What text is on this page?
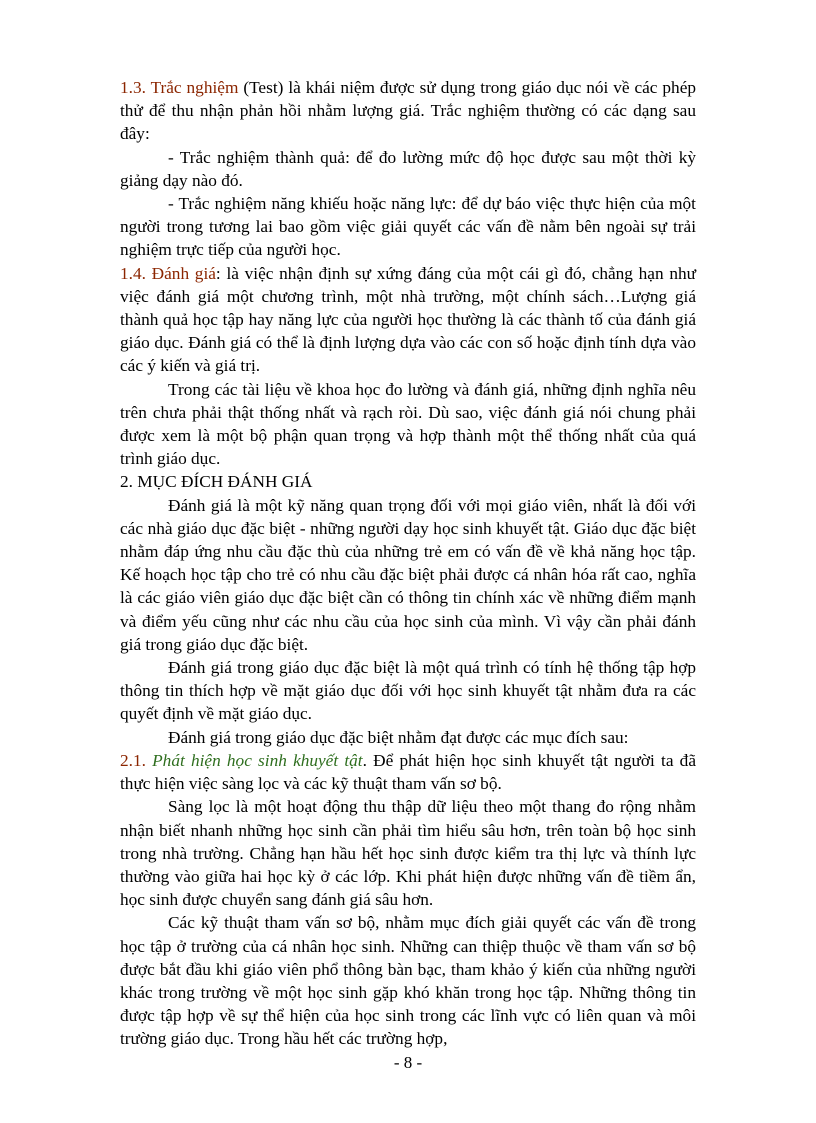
1.3. Trắc nghiệm (Test) là khái niệm được sử dụng trong giáo dục nói về các phép thử để thu nhận phản hồi nhằm lượng giá. Trắc nghiệm thường có các dạng sau đây:

- Trắc nghiệm thành quả: để đo lường mức độ học được sau một thời kỳ giảng dạy nào đó.

- Trắc nghiệm năng khiếu hoặc năng lực: để dự báo việc thực hiện của một người trong tương lai bao gồm việc giải quyết các vấn đề nằm bên ngoài sự trải nghiệm trực tiếp của người học.

1.4. Đánh giá: là việc nhận định sự xứng đáng của một cái gì đó, chẳng hạn như việc đánh giá một chương trình, một nhà trường, một chính sách…Lượng giá thành quả học tập hay năng lực của người học thường là các thành tố của đánh giá giáo dục. Đánh giá có thể là định lượng dựa vào các con số hoặc định tính dựa vào các ý kiến và giá trị.

Trong các tài liệu về khoa học đo lường và đánh giá, những định nghĩa nêu trên chưa phải thật thống nhất và rạch ròi. Dù sao, việc đánh giá nói chung phải được xem là một bộ phận quan trọng và hợp thành một thể thống nhất của quá trình giáo dục.

2. MỤC ĐÍCH ĐÁNH GIÁ

Đánh giá là một kỹ năng quan trọng đối với mọi giáo viên, nhất là đối với các nhà giáo dục đặc biệt - những người dạy học sinh khuyết tật. Giáo dục đặc biệt nhằm đáp ứng nhu cầu đặc thù của những trẻ em có vấn đề về khả năng học tập. Kế hoạch học tập cho trẻ có nhu cầu đặc biệt phải được cá nhân hóa rất cao, nghĩa là các giáo viên giáo dục đặc biệt cần có thông tin chính xác về những điểm mạnh và điểm yếu cũng như các nhu cầu của học sinh của mình. Vì vậy cần phải đánh giá trong giáo dục đặc biệt.

Đánh giá trong giáo dục đặc biệt là một quá trình có tính hệ thống tập hợp thông tin thích hợp về mặt giáo dục đối với học sinh khuyết tật nhằm đưa ra các quyết định về mặt giáo dục.

Đánh giá trong giáo dục đặc biệt nhằm đạt được các mục đích sau:

2.1. Phát hiện học sinh khuyết tật. Để phát hiện học sinh khuyết tật người ta đã thực hiện việc sàng lọc và các kỹ thuật tham vấn sơ bộ.

Sàng lọc là một hoạt động thu thập dữ liệu theo một thang đo rộng nhằm nhận biết nhanh những học sinh cần phải tìm hiểu sâu hơn, trên toàn bộ học sinh trong nhà trường. Chẳng hạn hầu hết học sinh được kiểm tra thị lực và thính lực thường vào giữa hai học kỳ ở các lớp. Khi phát hiện được những vấn đề tiềm ẩn, học sinh được chuyển sang đánh giá sâu hơn.

Các kỹ thuật tham vấn sơ bộ, nhằm mục đích giải quyết các vấn đề trong học tập ở trường của cá nhân học sinh. Những can thiệp thuộc về tham vấn sơ bộ được bắt đầu khi giáo viên phổ thông bàn bạc, tham khảo ý kiến của những người khác trong trường về một học sinh gặp khó khăn trong học tập. Những thông tin được tập hợp về sự thể hiện của học sinh trong các lĩnh vực có liên quan và môi trường giáo dục. Trong hầu hết các trường hợp,

- 8 -
